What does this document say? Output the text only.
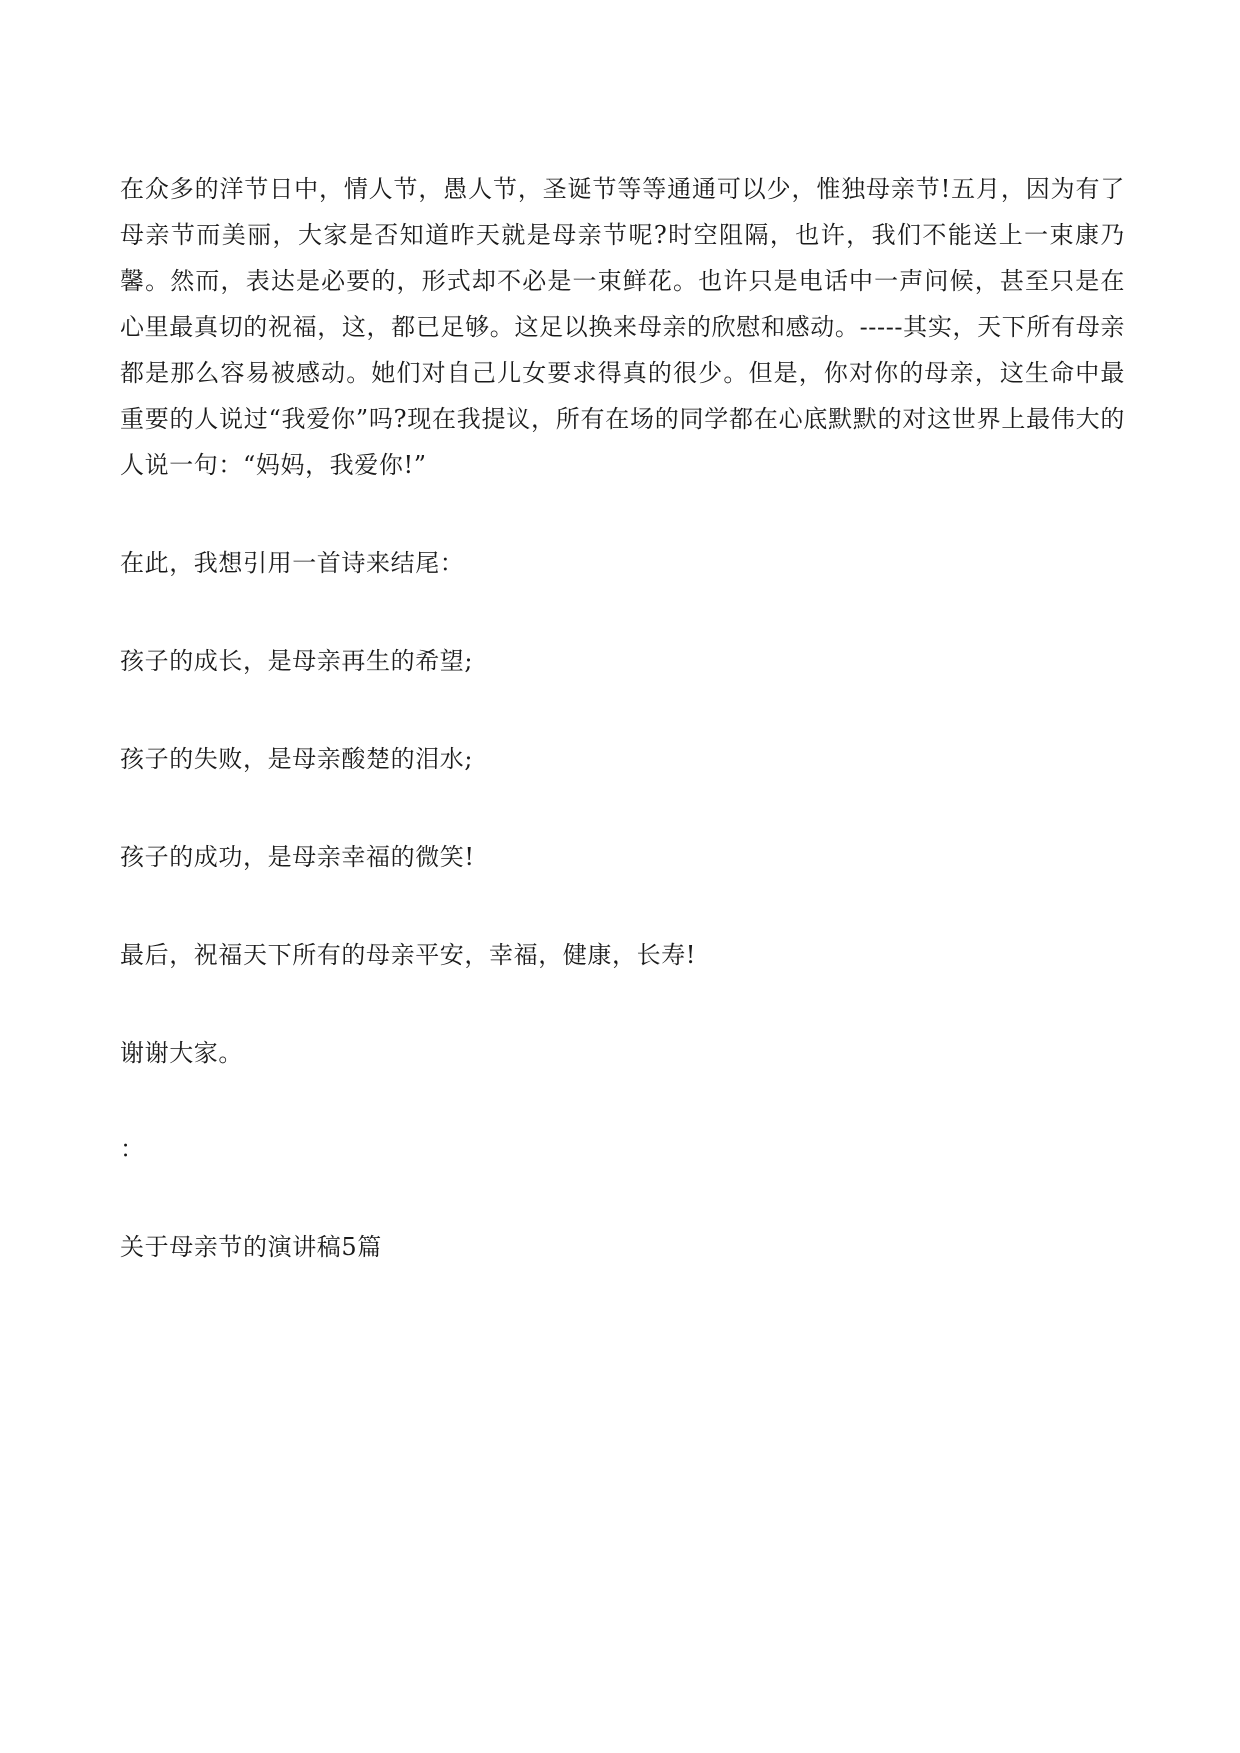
在众多的洋节日中，情人节，愚人节，圣诞节等等通通可以少，惟独母亲节!五月，因为有了母亲节而美丽，大家是否知道昨天就是母亲节呢?时空阻隔，也许，我们不能送上一束康乃馨。然而，表达是必要的，形式却不必是一束鲜花。也许只是电话中一声问候，甚至只是在心里最真切的祝福，这，都已足够。这足以换来母亲的欣慰和感动。-----其实，天下所有母亲都是那么容易被感动。她们对自己儿女要求得真的很少。但是，你对你的母亲，这生命中最重要的人说过“我爱你”吗?现在我提议，所有在场的同学都在心底默默的对这世界上最伟大的人说一句：“妈妈，我爱你!”

在此，我想引用一首诗来结尾：

孩子的成长，是母亲再生的希望;

孩子的失败，是母亲酸楚的泪水;

孩子的成功，是母亲幸福的微笑!

最后，祝福天下所有的母亲平安，幸福，健康，长寿!

谢谢大家。

：

关于母亲节的演讲稿5篇
